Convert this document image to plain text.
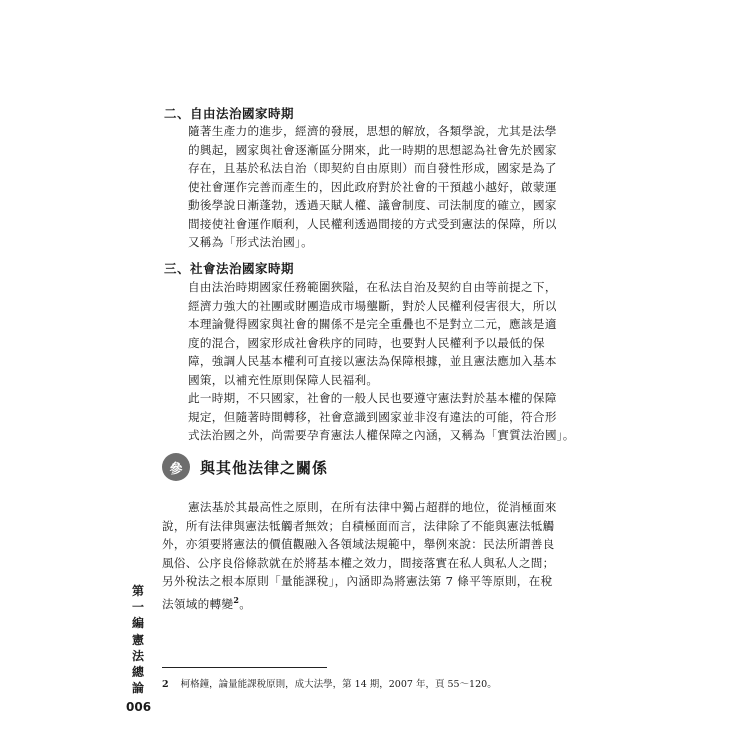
二、自由法治國家時期
隨著生產力的進步，經濟的發展，思想的解放，各類學說，尤其是法學
的興起，國家與社會逐漸區分開來，此一時期的思想認為社會先於國家
存在，且基於私法自治（即契約自由原則）而自發性形成，國家是為了
使社會運作完善而產生的，因此政府對於社會的干預越小越好，啟蒙運
動後學說日漸蓬勃，透過天賦人權、議會制度、司法制度的確立，國家
間接使社會運作順利，人民權利透過間接的方式受到憲法的保障，所以
又稱為「形式法治國」。
三、社會法治國家時期
自由法治時期國家任務範圍狹隘，在私法自治及契約自由等前提之下，
經濟力強大的社團或財團造成市場壟斷，對於人民權利侵害很大，所以
本理論覺得國家與社會的關係不是完全重疊也不是對立二元，應該是適
度的混合，國家形成社會秩序的同時，也要對人民權利予以最低的保
障，強調人民基本權利可直接以憲法為保障根據，並且憲法應加入基本
國策，以補充性原則保障人民福利。
此一時期，不只國家，社會的一般人民也要遵守憲法對於基本權的保障
規定，但隨著時間轉移，社會意識到國家並非沒有違法的可能，符合形
式法治國之外，尚需要孕育憲法人權保障之內涵，又稱為「實質法治國」。
參	與其他法律之關係
憲法基於其最高性之原則，在所有法律中獨占超群的地位，從消極面來
說，所有法律與憲法牴觸者無效；自積極面而言，法律除了不能與憲法牴觸
外，亦須要將憲法的價值觀融入各領域法規範中，舉例來說：民法所謂善良
風俗、公序良俗條款就在於將基本權之效力，間接落實在私人與私人之間；
另外稅法之根本原則「量能課稅」，內涵即為將憲法第 7 條平等原則，在稅
法領域的轉變$^2$。
第一編
憲法總論
006
2 柯格鐘，論量能課稅原則，成大法學，第 14 期，2007 年，頁 55～120。
